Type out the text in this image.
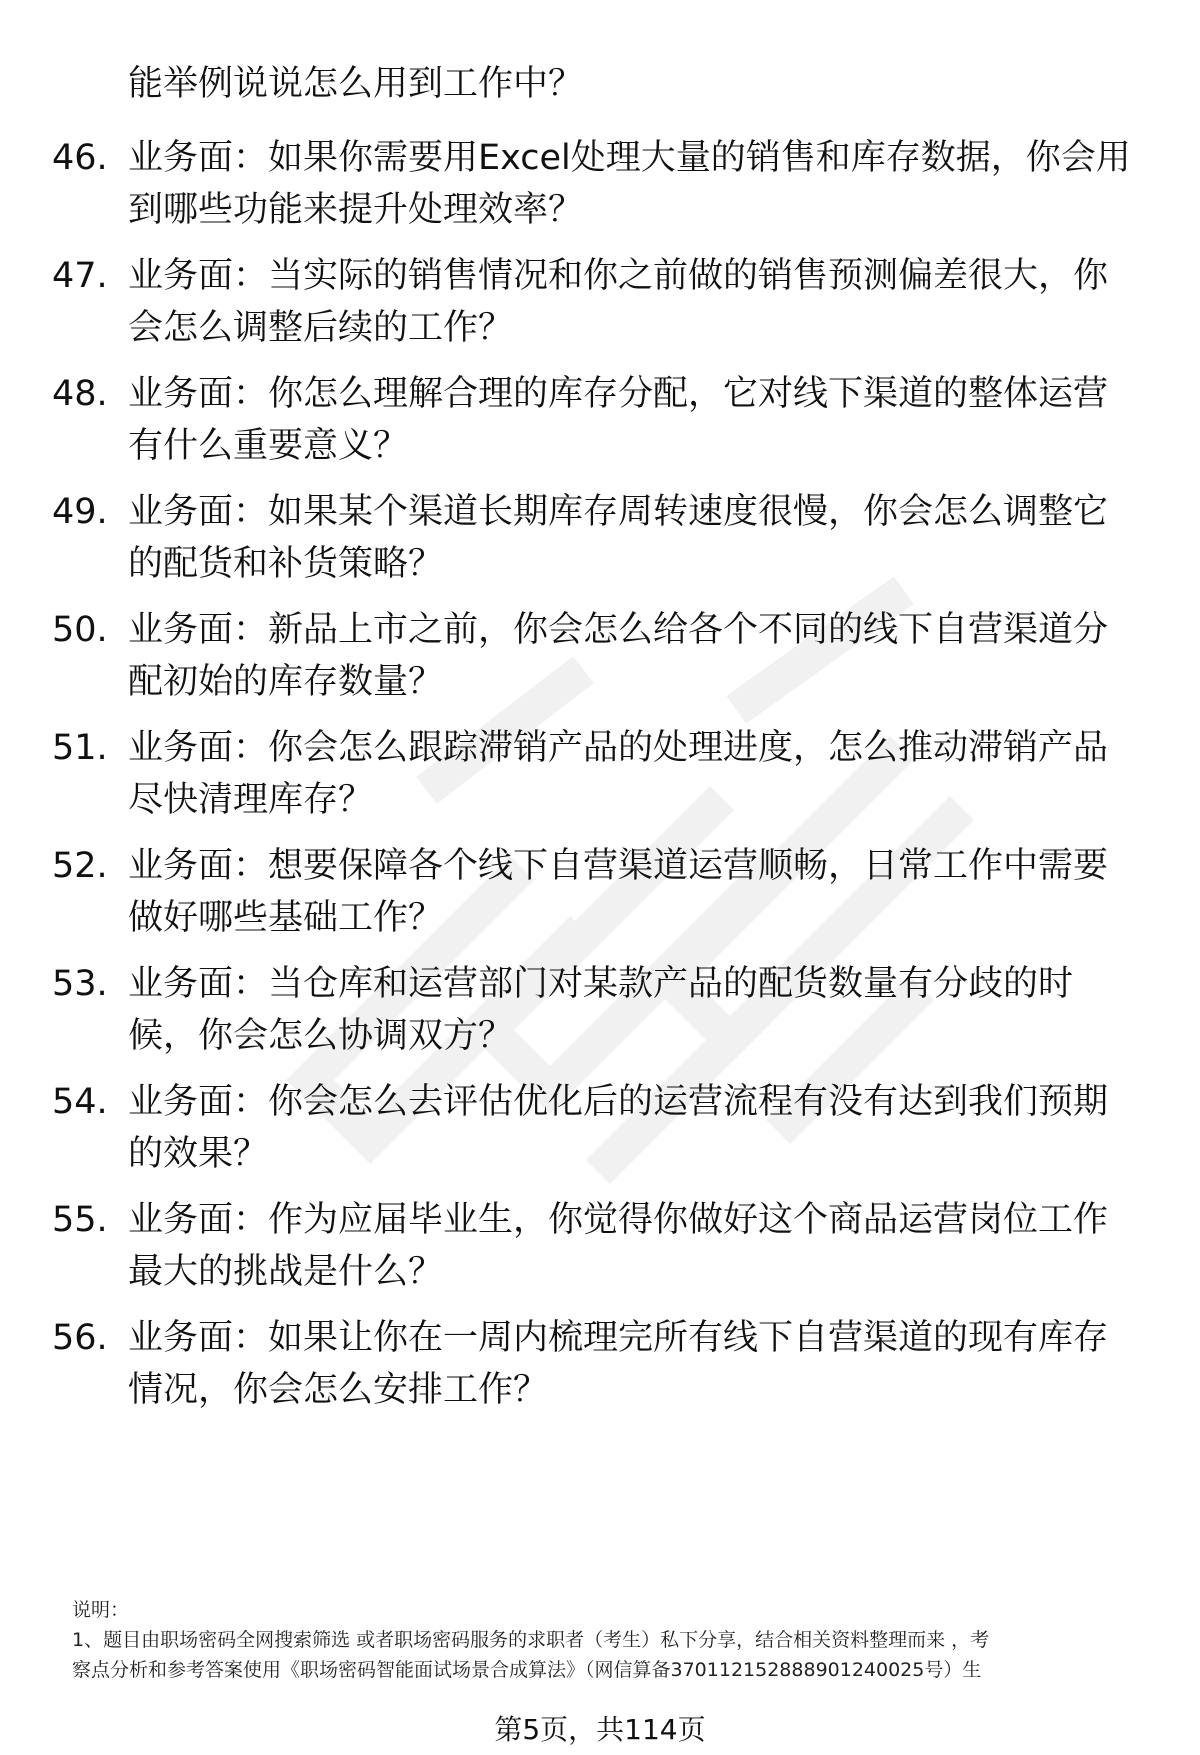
能举例说说怎么用到工作中？
46. 业务面：如果你需要用Excel处理大量的销售和库存数据，你会用
到哪些功能来提升处理效率？
47. 业务面：当实际的销售情况和你之前做的销售预测偏差很大，你
会怎么调整后续的工作？
48. 业务面：你怎么理解合理的库存分配，它对线下渠道的整体运营
有什么重要意义？
49. 业务面：如果某个渠道长期库存周转速度很慢，你会怎么调整它
的配货和补货策略？
50. 业务面：新品上市之前，你会怎么给各个不同的线下自营渠道分
配初始的库存数量？
51. 业务面：你会怎么跟踪滞销产品的处理进度，怎么推动滞销产品
尽快清理库存？
52. 业务面：想要保障各个线下自营渠道运营顺畅，日常工作中需要
做好哪些基础工作？
53. 业务面：当仓库和运营部门对某款产品的配货数量有分歧的时
候，你会怎么协调双方？
54. 业务面：你会怎么去评估优化后的运营流程有没有达到我们预期
的效果？
55. 业务面：作为应届毕业生，你觉得你做好这个商品运营岗位工作
最大的挑战是什么？
56. 业务面：如果让你在一周内梳理完所有线下自营渠道的现有库存
情况，你会怎么安排工作？
说明：
1、题目由职场密码全网搜索筛选 或者职场密码服务的求职者（考生）私下分享，结合相关资料整理而来 ，考
察点分析和参考答案使用《职场密码智能面试场景合成算法》（网信算备370112152888901240025号）生
第5页，共114页
